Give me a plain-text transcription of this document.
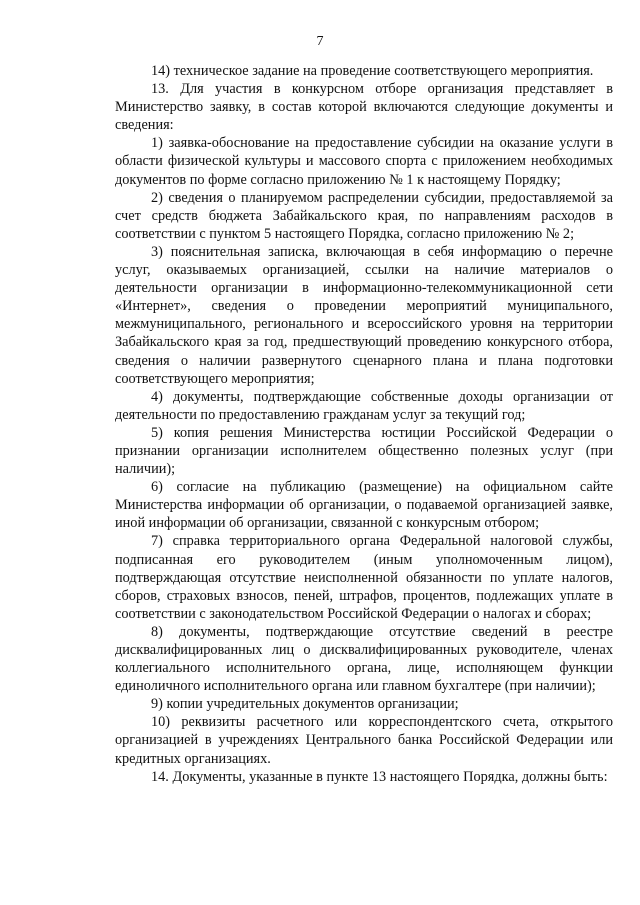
7

14) техническое задание на проведение соответствующего мероприятия.

13. Для участия в конкурсном отборе организация представляет в Министерство заявку, в состав которой включаются следующие документы и сведения:

1) заявка-обоснование на предоставление субсидии на оказание услуги в области физической культуры и массового спорта с приложением необходимых документов по форме согласно приложению № 1 к настоящему Порядку;

2) сведения о планируемом распределении субсидии, предоставляемой за счет средств бюджета Забайкальского края, по направлениям расходов в соответствии с пунктом 5 настоящего Порядка, согласно приложению № 2;

3) пояснительная записка, включающая в себя информацию о перечне услуг, оказываемых организацией, ссылки на наличие материалов о деятельности организации в информационно-телекоммуникационной сети «Интернет», сведения о проведении мероприятий муниципального, межмуниципального, регионального и всероссийского уровня на территории Забайкальского края за год, предшествующий проведению конкурсного отбора, сведения о наличии развернутого сценарного плана и плана подготовки соответствующего мероприятия;

4) документы, подтверждающие собственные доходы организации от деятельности по предоставлению гражданам услуг за текущий год;

5) копия решения Министерства юстиции Российской Федерации о признании организации исполнителем общественно полезных услуг (при наличии);

6) согласие на публикацию (размещение) на официальном сайте Министерства информации об организации, о подаваемой организацией заявке, иной информации об организации, связанной с конкурсным отбором;

7) справка территориального органа Федеральной налоговой службы, подписанная его руководителем (иным уполномоченным лицом), подтверждающая отсутствие неисполненной обязанности по уплате налогов, сборов, страховых взносов, пеней, штрафов, процентов, подлежащих уплате в соответствии с законодательством Российской Федерации о налогах и сборах;

8) документы, подтверждающие отсутствие сведений в реестре дисквалифицированных лиц о дисквалифицированных руководителе, членах коллегиального исполнительного органа, лице, исполняющем функции единоличного исполнительного органа или главном бухгалтере (при наличии);

9) копии учредительных документов организации;

10) реквизиты расчетного или корреспондентского счета, открытого организацией в учреждениях Центрального банка Российской Федерации или кредитных организациях.

14. Документы, указанные в пункте 13 настоящего Порядка, должны быть:
